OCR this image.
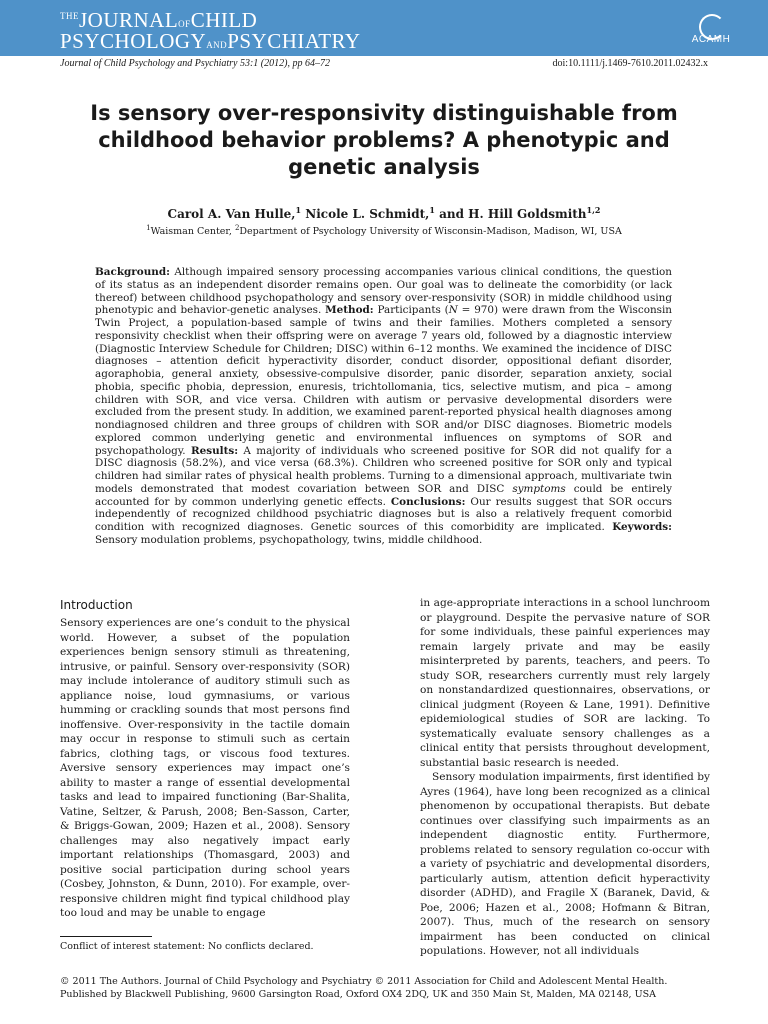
$^{THE}$JOURNALOFCHILD
PSYCHOLOGYANDPSYCHIATRY	ACAMH
Journal of Child Psychology and Psychiatry 53:1 (2012), pp 64–72	doi:10.1111/j.1469-7610.2011.02432.x
Is sensory over-responsivity distinguishable from childhood behavior problems? A phenotypic and genetic analysis
Carol A. Van Hulle,$^1$ Nicole L. Schmidt,$^1$ and H. Hill Goldsmith$^{1,2}$
$^1$Waisman Center, $^2$Department of Psychology University of Wisconsin-Madison, Madison, WI, USA
Background: Although impaired sensory processing accompanies various clinical conditions, the question of its status as an independent disorder remains open. Our goal was to delineate the comorbidity (or lack thereof) between childhood psychopathology and sensory over-responsivity (SOR) in middle childhood using phenotypic and behavior-genetic analyses. Method: Participants (N = 970) were drawn from the Wisconsin Twin Project, a population-based sample of twins and their families. Mothers completed a sensory responsivity checklist when their offspring were on average 7 years old, followed by a diagnostic interview (Diagnostic Interview Schedule for Children; DISC) within 6–12 months. We examined the incidence of DISC diagnoses – attention deficit hyperactivity disorder, conduct disorder, oppositional defiant disorder, agoraphobia, general anxiety, obsessive-compulsive disorder, panic disorder, separation anxiety, social phobia, specific phobia, depression, enuresis, trichtollomania, tics, selective mutism, and pica – among children with SOR, and vice versa. Children with autism or pervasive developmental disorders were excluded from the present study. In addition, we examined parent-reported physical health diagnoses among nondiagnosed children and three groups of children with SOR and/or DISC diagnoses. Biometric models explored common underlying genetic and environmental influences on symptoms of SOR and psychopathology. Results: A majority of individuals who screened positive for SOR did not qualify for a DISC diagnosis (58.2%), and vice versa (68.3%). Children who screened positive for SOR only and typical children had similar rates of physical health problems. Turning to a dimensional approach, multivariate twin models demonstrated that modest covariation between SOR and DISC symptoms could be entirely accounted for by common underlying genetic effects. Conclusions: Our results suggest that SOR occurs independently of recognized childhood psychiatric diagnoses but is also a relatively frequent comorbid condition with recognized diagnoses. Genetic sources of this comorbidity are implicated. Keywords: Sensory modulation problems, psychopathology, twins, middle childhood.
Introduction

Sensory experiences are one’s conduit to the physical world. However, a subset of the population experiences benign sensory stimuli as threatening, intrusive, or painful. Sensory over-responsivity (SOR) may include intolerance of auditory stimuli such as appliance noise, loud gymnasiums, or various humming or crackling sounds that most persons find inoffensive. Over-responsivity in the tactile domain may occur in response to stimuli such as certain fabrics, clothing tags, or viscous food textures. Aversive sensory experiences may impact one’s ability to master a range of essential developmental tasks and lead to impaired functioning (Bar-Shalita, Vatine, Seltzer, & Parush, 2008; Ben-Sasson, Carter, & Briggs-Gowan, 2009; Hazen et al., 2008). Sensory challenges may also negatively impact early important relationships (Thomasgard, 2003) and positive social participation during school years (Cosbey, Johnston, & Dunn, 2010). For example, over-responsive children might find typical childhood play too loud and may be unable to engage

in age-appropriate interactions in a school lunchroom or playground. Despite the pervasive nature of SOR for some individuals, these painful experiences may remain largely private and may be easily misinterpreted by parents, teachers, and peers. To study SOR, researchers currently must rely largely on nonstandardized questionnaires, observations, or clinical judgment (Royeen & Lane, 1991). Definitive epidemiological studies of SOR are lacking. To systematically evaluate sensory challenges as a clinical entity that persists throughout development, substantial basic research is needed.

Sensory modulation impairments, first identified by Ayres (1964), have long been recognized as a clinical phenomenon by occupational therapists. But debate continues over classifying such impairments as an independent diagnostic entity. Furthermore, problems related to sensory regulation co-occur with a variety of psychiatric and developmental disorders, particularly autism, attention deficit hyperactivity disorder (ADHD), and Fragile X (Baranek, David, & Poe, 2006; Hazen et al., 2008; Hofmann & Bitran, 2007). Thus, much of the research on sensory impairment has been conducted on clinical populations. However, not all individuals

Conflict of interest statement: No conflicts declared.
© 2011 The Authors. Journal of Child Psychology and Psychiatry © 2011 Association for Child and Adolescent Mental Health. Published by Blackwell Publishing, 9600 Garsington Road, Oxford OX4 2DQ, UK and 350 Main St, Malden, MA 02148, USA
